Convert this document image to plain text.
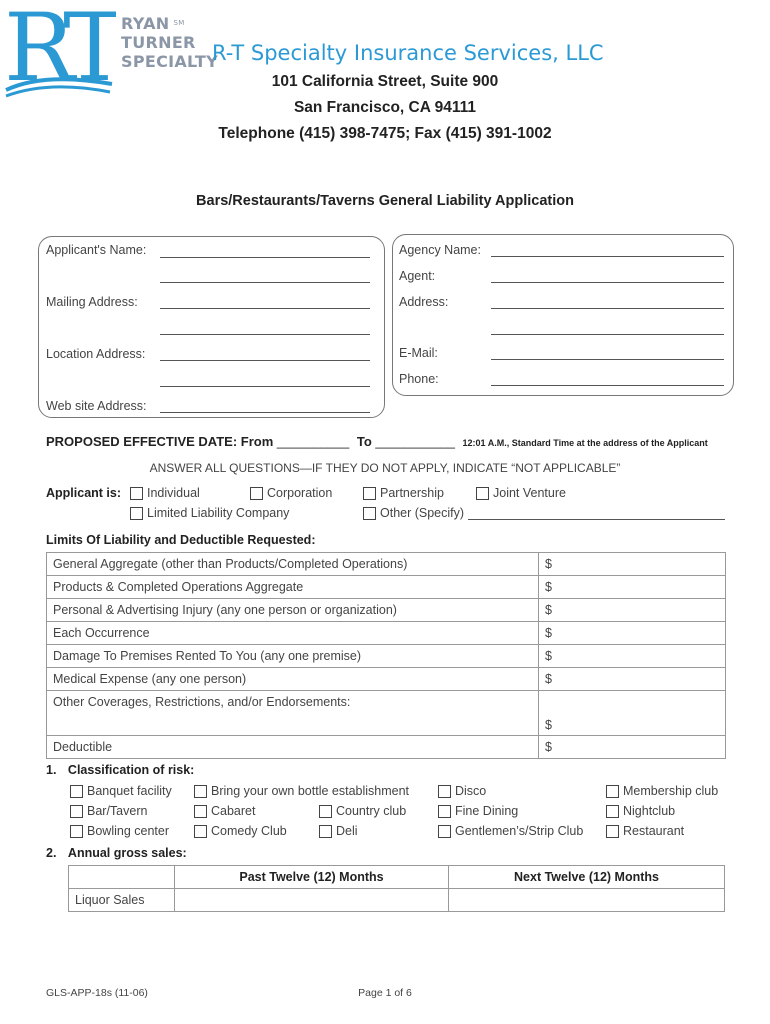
RT RYAN ℠
TURNER
SPECIALTY
R-T Specialty Insurance Services, LLC
101 California Street, Suite 900
San Francisco, CA 94111
Telephone (415) 398-7475; Fax (415) 391-1002
Bars/Restaurants/Taverns General Liability Application
Applicant's Name:
Mailing Address:
Location Address:
Web site Address:
Agency Name:
Agent:
Address:
E-Mail:
Phone:
PROPOSED EFFECTIVE DATE: From __________ To ___________ 12:01 A.M., Standard Time at the address of the Applicant
ANSWER ALL QUESTIONS—IF THEY DO NOT APPLY, INDICATE “NOT APPLICABLE”
Applicant is: Individual	Corporation	Partnership	Joint Venture
Limited Liability Company	Other (Specify)
Limits Of Liability and Deductible Requested:
General Aggregate (other than Products/Completed Operations)	$
Products & Completed Operations Aggregate	$
Personal & Advertising Injury (any one person or organization)	$
Each Occurrence	$
Damage To Premises Rented To You (any one premise)	$
Medical Expense (any one person)	$
Other Coverages, Restrictions, and/or Endorsements:	$
Deductible	$
1. Classification of risk:
Banquet facility	Bring your own bottle establishment	Disco	Membership club
Bar/Tavern	Cabaret	Country club	Fine Dining	Nightclub
Bowling center	Comedy Club	Deli	Gentlemen’s/Strip Club	Restaurant
2. Annual gross sales:
	Past Twelve (12) Months	Next Twelve (12) Months
Liquor Sales		
GLS-APP-18s (11-06)	Page 1 of 6
